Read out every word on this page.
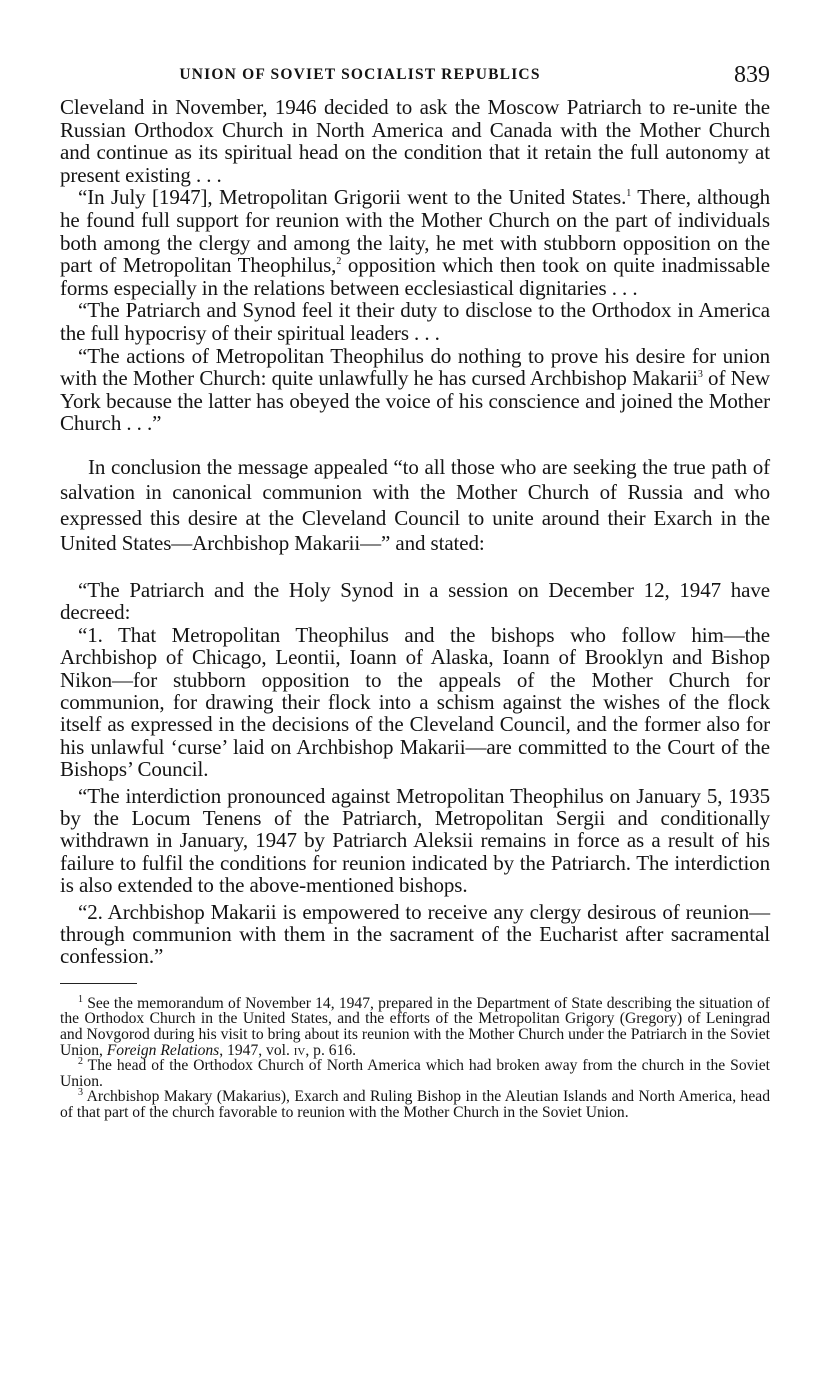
UNION OF SOVIET SOCIALIST REPUBLICS	839

Cleveland in November, 1946 decided to ask the Moscow Patriarch to re-unite the Russian Orthodox Church in North America and Canada with the Mother Church and continue as its spiritual head on the condition that it retain the full autonomy at present existing . . .

“In July [1947], Metropolitan Grigorii went to the United States.$^1$ There, although he found full support for reunion with the Mother Church on the part of individuals both among the clergy and among the laity, he met with stubborn opposition on the part of Metropolitan Theophilus,$^2$ opposition which then took on quite inadmissable forms especially in the relations between ecclesiastical dignitaries . . .

“The Patriarch and Synod feel it their duty to disclose to the Orthodox in America the full hypocrisy of their spiritual leaders . . .

“The actions of Metropolitan Theophilus do nothing to prove his desire for union with the Mother Church: quite unlawfully he has cursed Archbishop Makarii$^3$ of New York because the latter has obeyed the voice of his conscience and joined the Mother Church . . .”

In conclusion the message appealed “to all those who are seeking the true path of salvation in canonical communion with the Mother Church of Russia and who expressed this desire at the Cleveland Council to unite around their Exarch in the United States—Archbishop Makarii—” and stated:

“The Patriarch and the Holy Synod in a session on December 12, 1947 have decreed:

“1. That Metropolitan Theophilus and the bishops who follow him—the Archbishop of Chicago, Leontii, Ioann of Alaska, Ioann of Brooklyn and Bishop Nikon—for stubborn opposition to the appeals of the Mother Church for communion, for drawing their flock into a schism against the wishes of the flock itself as expressed in the decisions of the Cleveland Council, and the former also for his unlawful ‘curse’ laid on Archbishop Makarii—are committed to the Court of the Bishops’ Council.

“The interdiction pronounced against Metropolitan Theophilus on January 5, 1935 by the Locum Tenens of the Patriarch, Metropolitan Sergii and conditionally withdrawn in January, 1947 by Patriarch Aleksii remains in force as a result of his failure to fulfil the conditions for reunion indicated by the Patriarch. The interdiction is also extended to the above-mentioned bishops.

“2. Archbishop Makarii is empowered to receive any clergy desirous of reunion—through communion with them in the sacrament of the Eucharist after sacramental confession.”

$^1$ See the memorandum of November 14, 1947, prepared in the Department of State describing the situation of the Orthodox Church in the United States, and the efforts of the Metropolitan Grigory (Gregory) of Leningrad and Novgorod during his visit to bring about its reunion with the Mother Church under the Patriarch in the Soviet Union, Foreign Relations, 1947, vol. iv, p. 616.

$^2$ The head of the Orthodox Church of North America which had broken away from the church in the Soviet Union.

$^3$ Archbishop Makary (Makarius), Exarch and Ruling Bishop in the Aleutian Islands and North America, head of that part of the church favorable to reunion with the Mother Church in the Soviet Union.
